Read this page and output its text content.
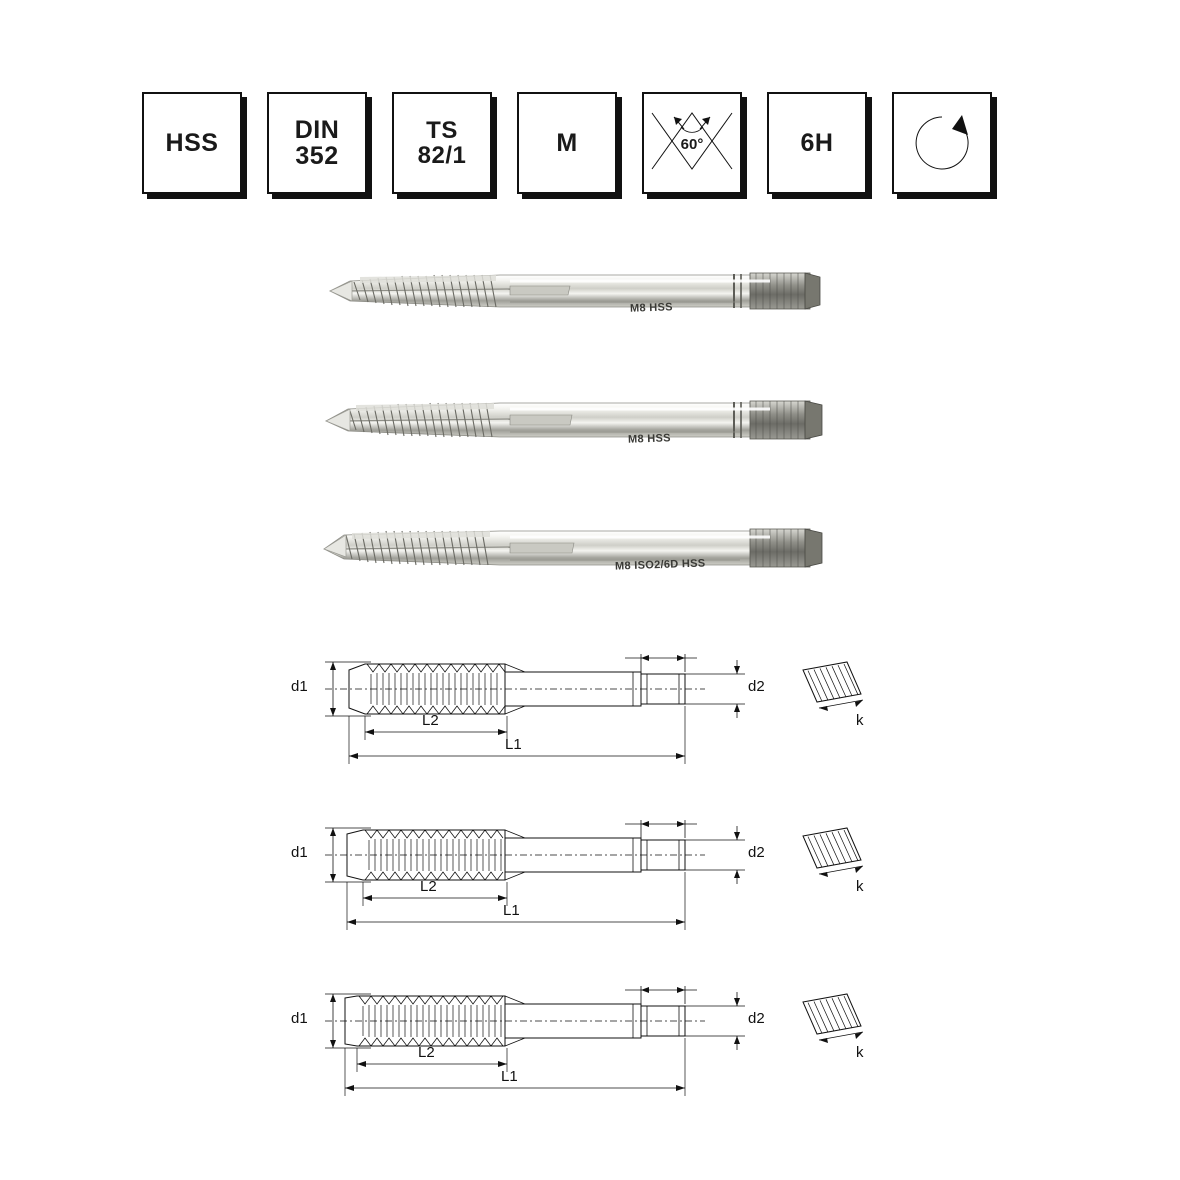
HSS	DIN
352
TS
82/1	M	60°	6H
M8 HSS
M8 HSS
M8 ISO2/6D HSS
d1	d2
L2
L1
k
d1	d2
L2
L1
k
d1	d2
L2
L1
k
